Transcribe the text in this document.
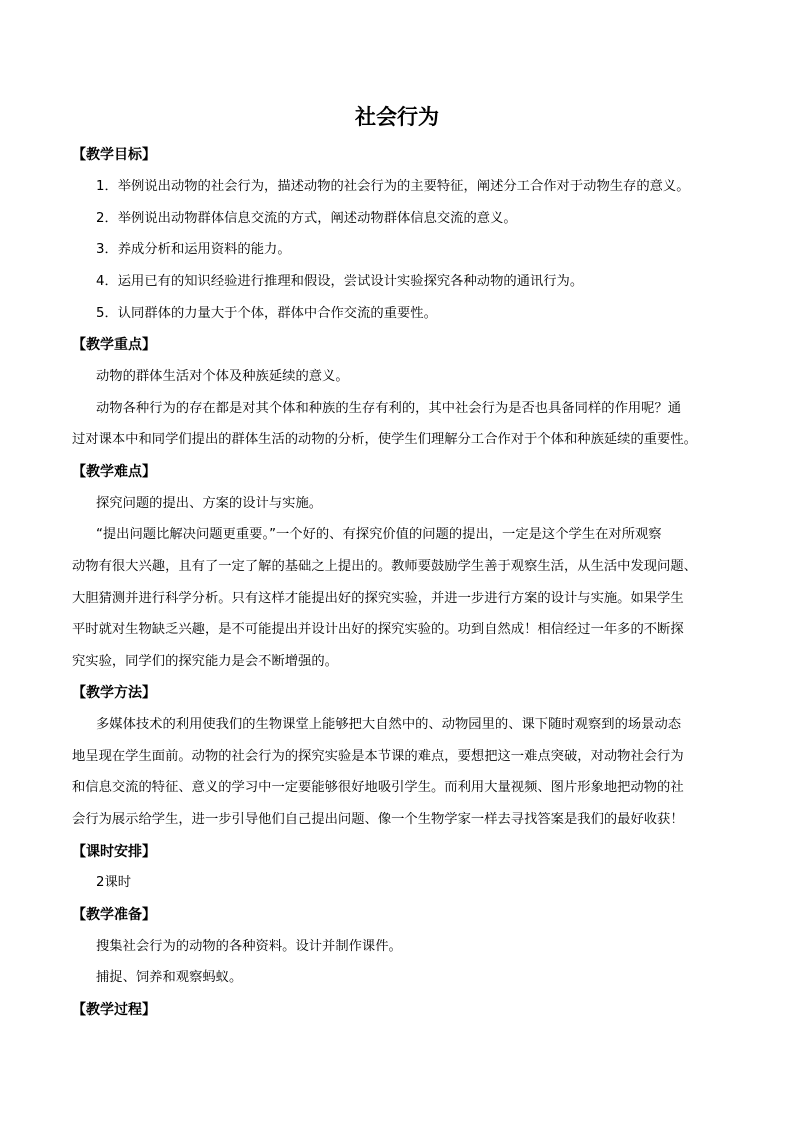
社会行为
【教学目标】
1．举例说出动物的社会行为，描述动物的社会行为的主要特征，阐述分工合作对于动物生存的意义。
2．举例说出动物群体信息交流的方式，阐述动物群体信息交流的意义。
3．养成分析和运用资料的能力。
4．运用已有的知识经验进行推理和假设，尝试设计实验探究各种动物的通讯行为。
5．认同群体的力量大于个体，群体中合作交流的重要性。
【教学重点】
动物的群体生活对个体及种族延续的意义。
动物各种行为的存在都是对其个体和种族的生存有利的，其中社会行为是否也具备同样的作用呢？通
过对课本中和同学们提出的群体生活的动物的分析，使学生们理解分工合作对于个体和种族延续的重要性。
【教学难点】
探究问题的提出、方案的设计与实施。
“提出问题比解决问题更重要。”一个好的、有探究价值的问题的提出，一定是这个学生在对所观察
动物有很大兴趣，且有了一定了解的基础之上提出的。教师要鼓励学生善于观察生活，从生活中发现问题、
大胆猜测并进行科学分析。只有这样才能提出好的探究实验，并进一步进行方案的设计与实施。如果学生
平时就对生物缺乏兴趣，是不可能提出并设计出好的探究实验的。功到自然成！相信经过一年多的不断探
究实验，同学们的探究能力是会不断增强的。
【教学方法】
多媒体技术的利用使我们的生物课堂上能够把大自然中的、动物园里的、课下随时观察到的场景动态
地呈现在学生面前。动物的社会行为的探究实验是本节课的难点，要想把这一难点突破，对动物社会行为
和信息交流的特征、意义的学习中一定要能够很好地吸引学生。而利用大量视频、图片形象地把动物的社
会行为展示给学生，进一步引导他们自己提出问题、像一个生物学家一样去寻找答案是我们的最好收获！
【课时安排】
2课时
【教学准备】
搜集社会行为的动物的各种资料。设计并制作课件。
捕捉、饲养和观察蚂蚁。
【教学过程】
